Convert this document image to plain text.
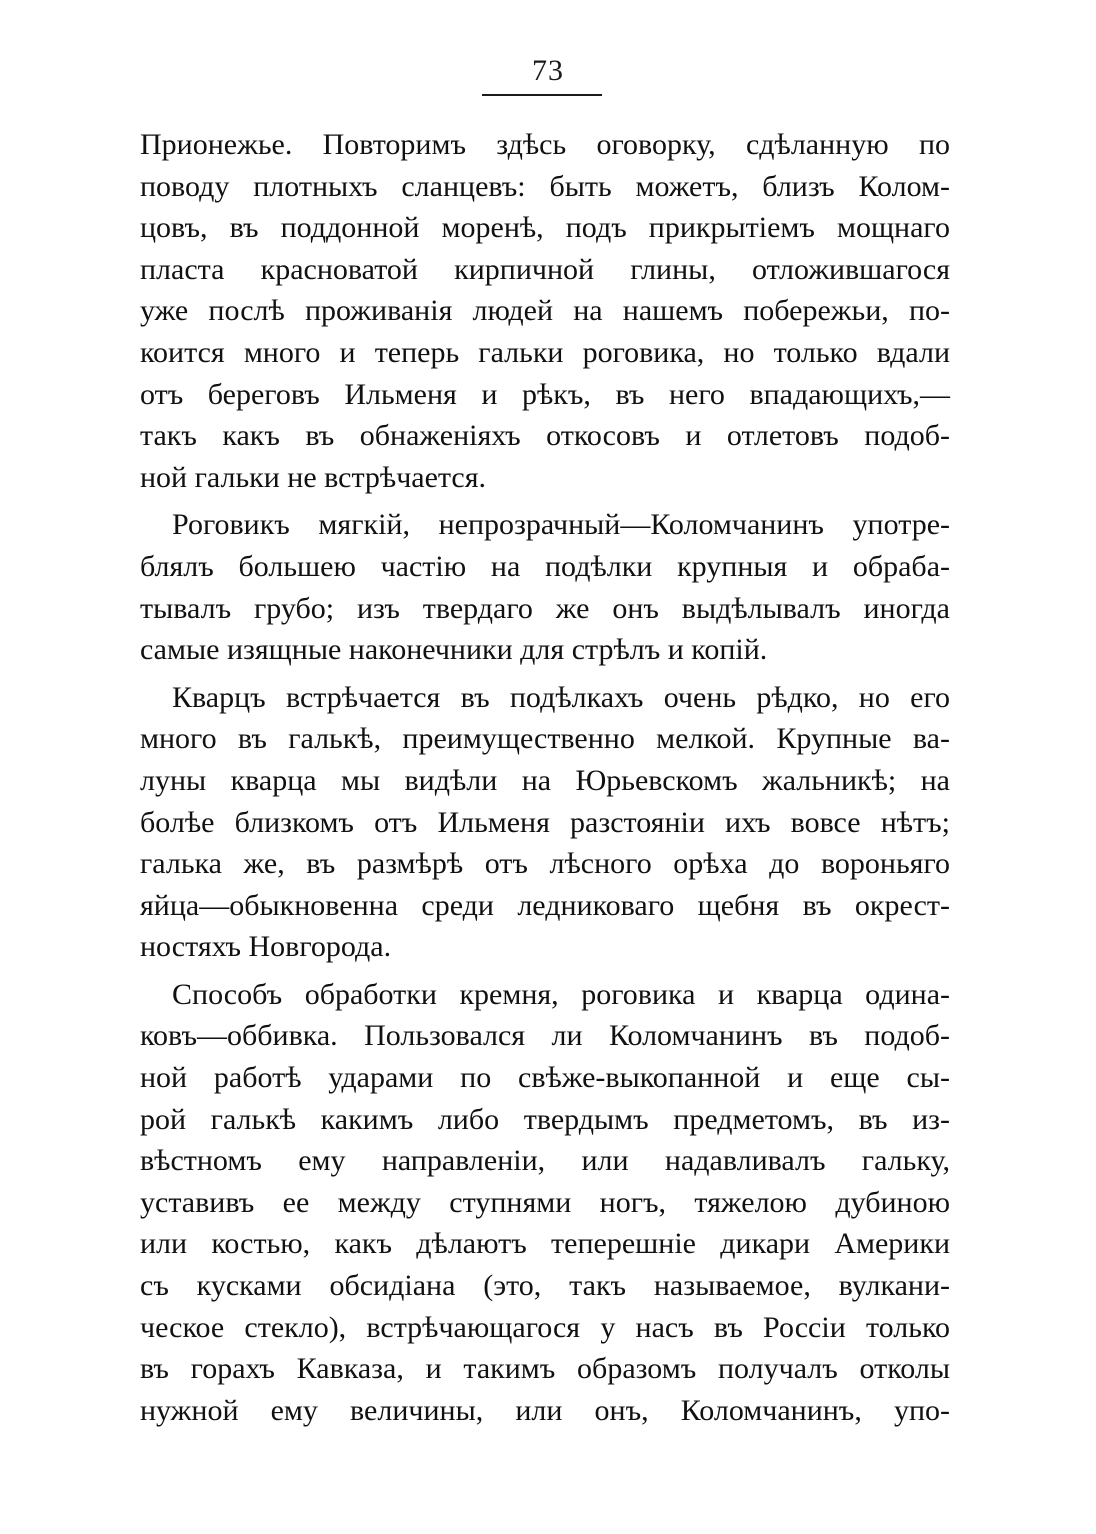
73
Прионежье. Повторимъ здѣсь оговорку, сдѣланную по
поводу плотныхъ сланцевъ: быть можетъ, близъ Колом-
цовъ, въ поддонной моренѣ, подъ прикрытіемъ мощнаго
пласта красноватой кирпичной глины, отложившагося
уже послѣ проживанія людей на нашемъ побережьи, по-
коится много и теперь гальки роговика, но только вдали
отъ береговъ Ильменя и рѣкъ, въ него впадающихъ,—
такъ какъ въ обнаженіяхъ откосовъ и отлетовъ подоб-
ной гальки не встрѣчается.
Роговикъ мягкій, непрозрачный—Коломчанинъ употре-
блялъ большею частію на подѣлки крупныя и обраба-
тывалъ грубо; изъ твердаго же онъ выдѣлывалъ иногда
самые изящные наконечники для стрѣлъ и копій.
Кварцъ встрѣчается въ подѣлкахъ очень рѣдко, но его
много въ галькѣ, преимущественно мелкой. Крупные ва-
луны кварца мы видѣли на Юрьевскомъ жальникѣ; на
болѣе близкомъ отъ Ильменя разстояніи ихъ вовсе нѣтъ;
галька же, въ размѣрѣ отъ лѣсного орѣха до вороньяго
яйца—обыкновенна среди ледниковаго щебня въ окрест-
ностяхъ Новгорода.
Способъ обработки кремня, роговика и кварца одина-
ковъ—оббивка. Пользовался ли Коломчанинъ въ подоб-
ной работѣ ударами по свѣже-выкопанной и еще сы-
рой галькѣ какимъ либо твердымъ предметомъ, въ из-
вѣстномъ ему направленіи, или надавливалъ гальку,
уставивъ ее между ступнями ногъ, тяжелою дубиною
или костью, какъ дѣлаютъ теперешніе дикари Америки
съ кусками обсидіана (это, такъ называемое, вулкани-
ческое стекло), встрѣчающагося у насъ въ Россіи только
въ горахъ Кавказа, и такимъ образомъ получалъ отколы
нужной ему величины, или онъ, Коломчанинъ, упо-
